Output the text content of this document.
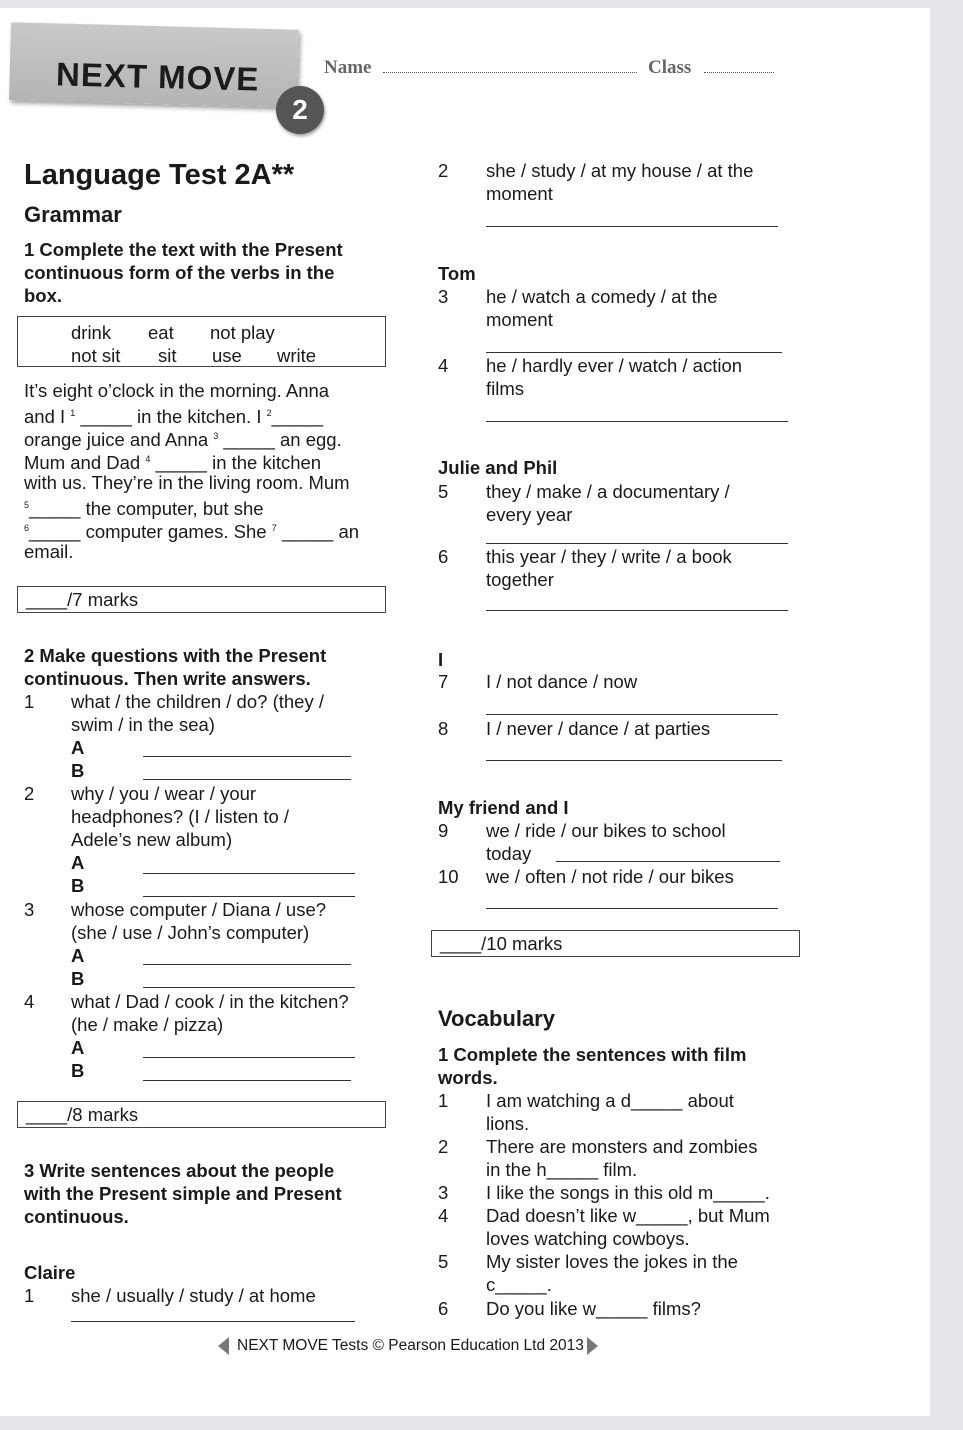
NEXT MOVE
2
Name	Class
Language Test 2A**
Grammar
1 Complete the text with the Present
continuous form of the verbs in the
box.
drink eat not play
not sit sit use write
It’s eight o’clock in the morning. Anna
and I $^1$ _____ in the kitchen. I $^2$_____
orange juice and Anna $^3$ _____ an egg.
Mum and Dad $^4$ _____ in the kitchen
with us. They’re in the living room. Mum
$^5$_____ the computer, but she
$^6$_____ computer games. She $^7$ _____ an
email.
____/7 marks
2 Make questions with the Present
continuous. Then write answers.
1 what / the children / do? (they /
swim / in the sea)
A
B
2 why / you / wear / your
headphones? (I / listen to /
Adele’s new album)
A
B
3 whose computer / Diana / use?
(she / use / John’s computer)
A
B
4 what / Dad / cook / in the kitchen?
(he / make / pizza)
A
B
____/8 marks
3 Write sentences about the people
with the Present simple and Present
continuous.
Claire
1 she / usually / study / at home
2 she / study / at my house / at the
moment
Tom
3 he / watch a comedy / at the
moment
4 he / hardly ever / watch / action
films
Julie and Phil
5 they / make / a documentary /
every year
6 this year / they / write / a book
together
I
7 I / not dance / now
8 I / never / dance / at parties
My friend and I
9 we / ride / our bikes to school
today
10 we / often / not ride / our bikes
____/10 marks
Vocabulary
1 Complete the sentences with film
words.
1 I am watching a d_____ about
lions.
2 There are monsters and zombies
in the h_____ film.
3 I like the songs in this old m_____.
4 Dad doesn’t like w_____, but Mum
loves watching cowboys.
5 My sister loves the jokes in the
c_____.
6 Do you like w_____ films?
NEXT MOVE Tests © Pearson Education Ltd 2013
